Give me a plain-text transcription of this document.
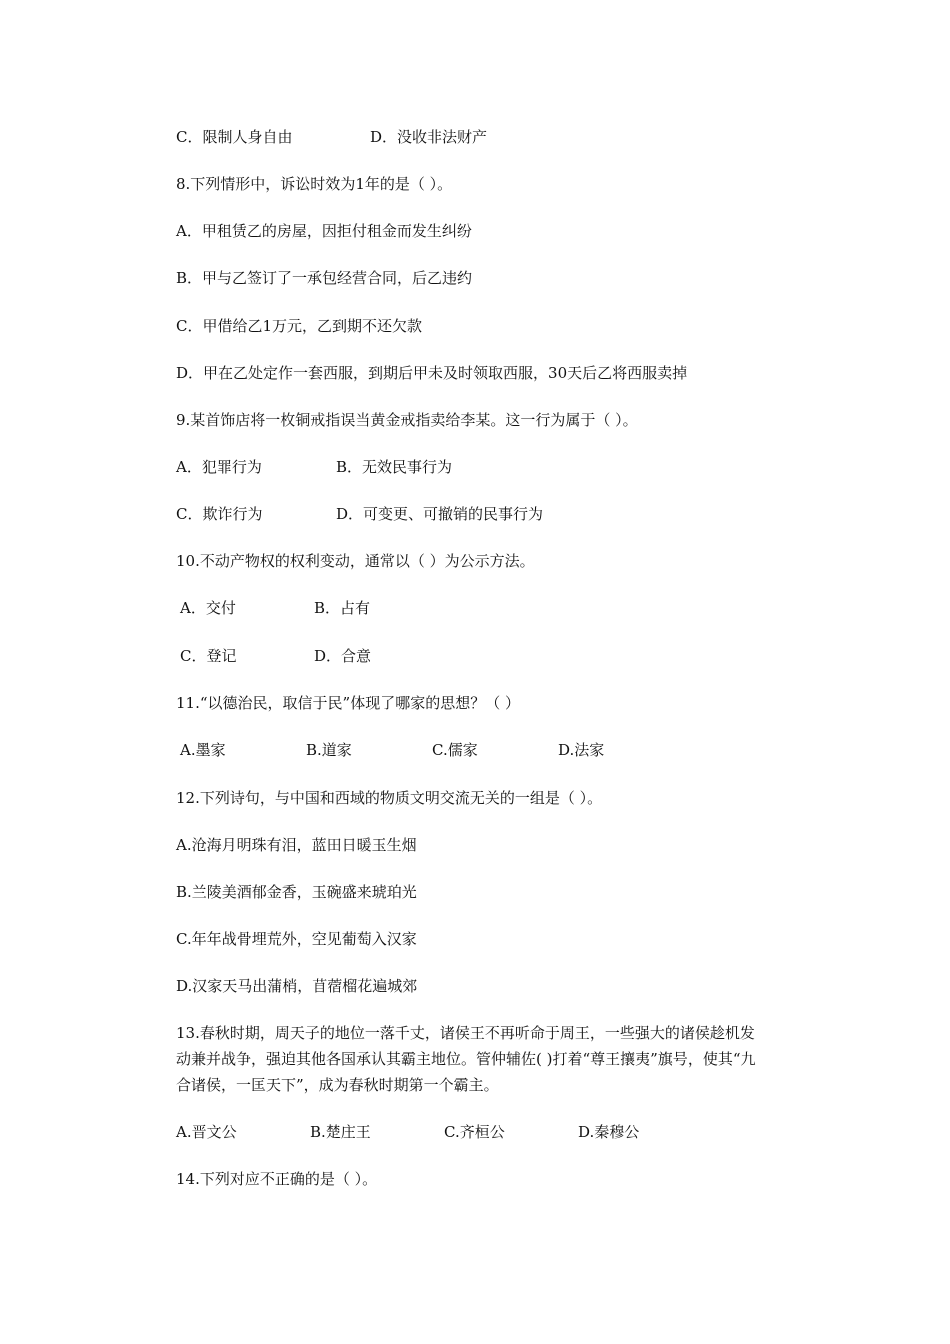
C．限制人身自由	D．没收非法财产
8.下列情形中，诉讼时效为1年的是（ ）。
A．甲租赁乙的房屋，因拒付租金而发生纠纷
B．甲与乙签订了一承包经营合同，后乙违约
C．甲借给乙1万元，乙到期不还欠款
D．甲在乙处定作一套西服，到期后甲未及时领取西服，30天后乙将西服卖掉
9.某首饰店将一枚铜戒指误当黄金戒指卖给李某。这一行为属于（ ）。
A．犯罪行为	B．无效民事行为
C．欺诈行为	D．可变更、可撤销的民事行为
10.不动产物权的权利变动，通常以（ ）为公示方法。
A．交付	B．占有
C．登记	D．合意
11.“以德治民，取信于民”体现了哪家的思想？（ ）
A.墨家	B.道家	C.儒家	D.法家
12.下列诗句，与中国和西域的物质文明交流无关的一组是（ ）。
A.沧海月明珠有泪，蓝田日暖玉生烟
B.兰陵美酒郁金香，玉碗盛来琥珀光
C.年年战骨埋荒外，空见葡萄入汉家
D.汉家天马出蒲梢，苜蓿榴花遍城郊
13.春秋时期，周天子的地位一落千丈，诸侯王不再听命于周王，一些强大的诸侯趁机发
动兼并战争，强迫其他各国承认其霸主地位。管仲辅佐( )打着“尊王攘夷”旗号，使其“九
合诸侯，一匡天下”，成为春秋时期第一个霸主。
A.晋文公	B.楚庄王	C.齐桓公	D.秦穆公
14.下列对应不正确的是（ ）。
